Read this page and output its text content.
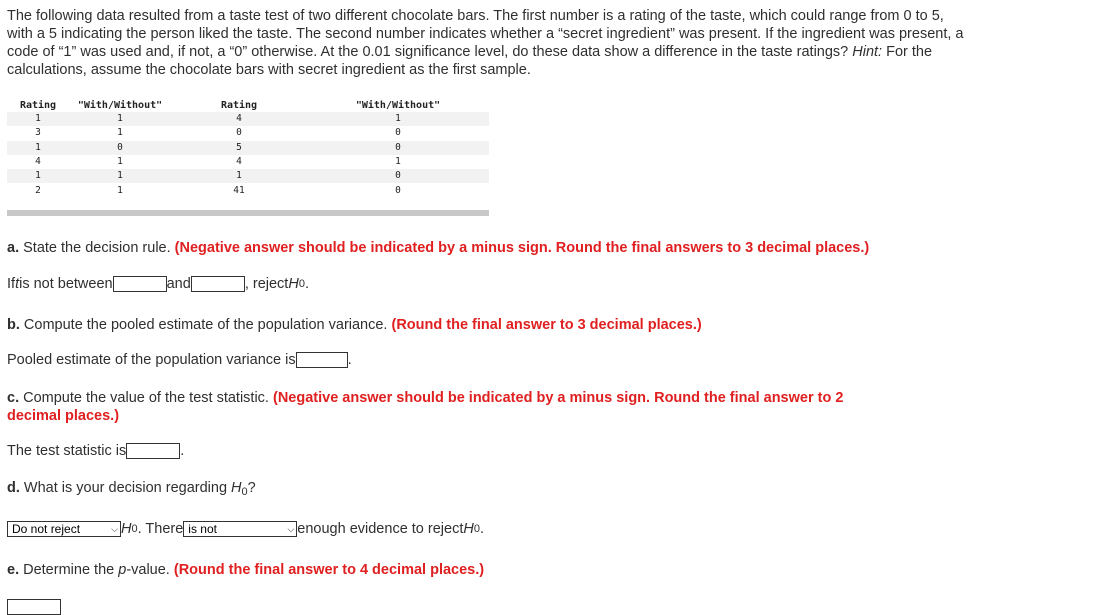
The following data resulted from a taste test of two different chocolate bars. The first number is a rating of the taste, which could range from 0 to 5, with a 5 indicating the person liked the taste. The second number indicates whether a “secret ingredient” was present. If the ingredient was present, a code of “1” was used and, if not, a “0” otherwise. At the 0.01 significance level, do these data show a difference in the taste ratings? Hint: For the calculations, assume the chocolate bars with secret ingredient as the first sample.

Rating	"With/Without"	Rating	"With/Without"
1	1	4	1
3	1	0	0
1	0	5	0
4	1	4	1
1	1	1	0
2	1	41	0
a. State the decision rule. (Negative answer should be indicated by a minus sign. Round the final answers to 3 decimal places.)
If t is not between	and	, reject H 0 .
b. Compute the pooled estimate of the population variance. (Round the final answer to 3 decimal places.)
Pooled estimate of the population variance is	.
c. Compute the value of the test statistic. (Negative answer should be indicated by a minus sign. Round the final answer to 2
decimal places.)
The test statistic is	.
d. What is your decision regarding $H_0$?
Do not reject	⌵ H 0 . There is not	⌵ enough evidence to reject H 0 .
e. Determine the p-value. (Round the final answer to 4 decimal places.)
